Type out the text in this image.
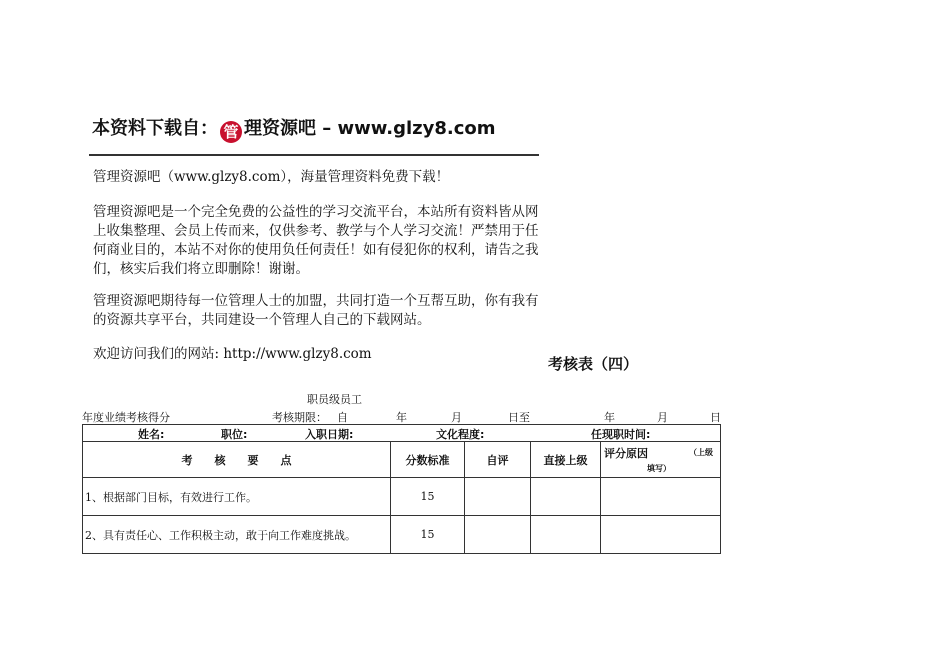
本资料下载自： 管 理资源吧 – www.glzy8.com
管理资源吧（www.glzy8.com），海量管理资料免费下载！
管理资源吧是一个完全免费的公益性的学习交流平台，本站所有资料皆从网上收集整理、会员上传而来，仅供参考、教学与个人学习交流！严禁用于任何商业目的，本站不对你的使用负任何责任！如有侵犯你的权利，请告之我们，核实后我们将立即删除！谢谢。
管理资源吧期待每一位管理人士的加盟，共同打造一个互帮互助，你有我有的资源共享平台，共同建设一个管理人自己的下载网站。
欢迎访问我们的网站: http://www.glzy8.com
考核表（四）
职员级员工
年度业绩考核得分	考核期限： 自	年	月	日至	年	月	日
姓名: 职位: 入职日期: 文化程度: 任现职时间:				

考　　核　　要　　点	分数标准	自评	直接上级	评分原因 （上级
填写）

1、根据部门目标，有效进行工作。	15			
2、具有责任心、工作积极主动，敢于向工作难度挑战。	15			
